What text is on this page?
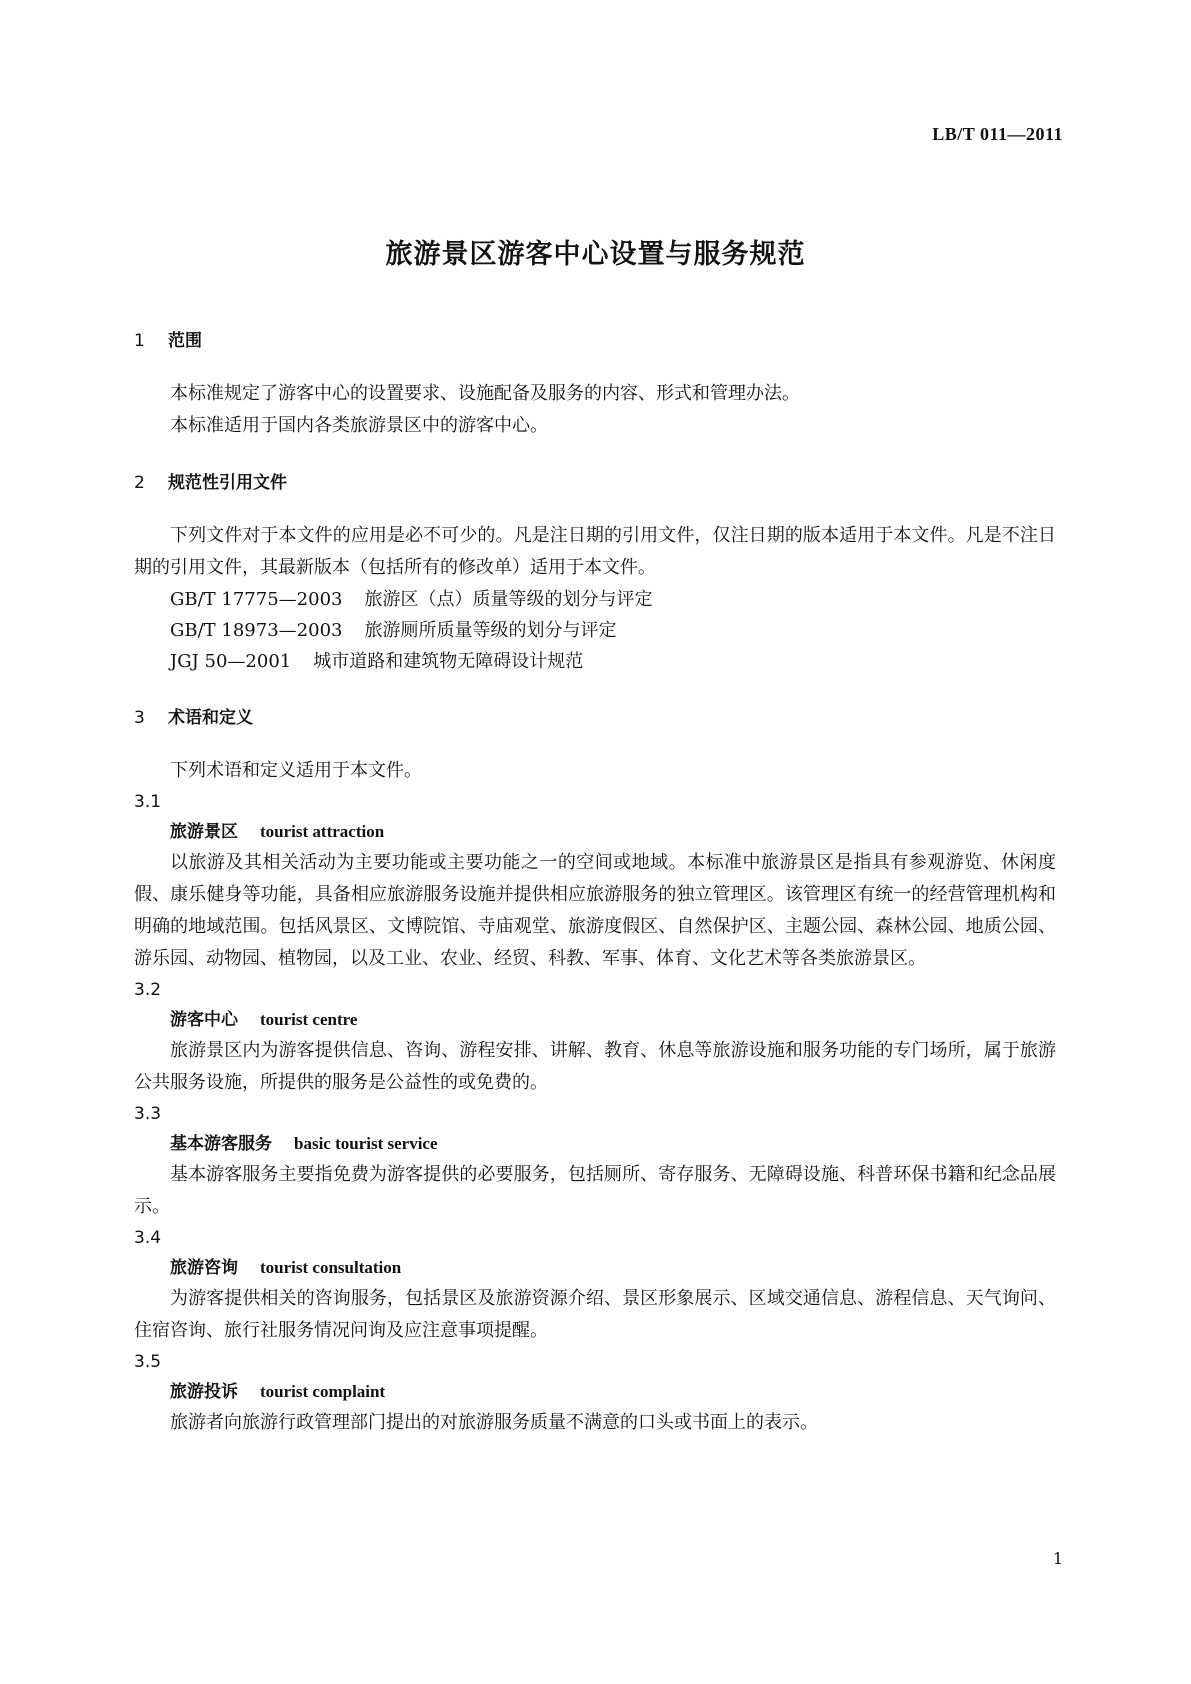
LB/T 011—2011
旅游景区游客中心设置与服务规范
1 范围
本标准规定了游客中心的设置要求、设施配备及服务的内容、形式和管理办法。
本标准适用于国内各类旅游景区中的游客中心。
2 规范性引用文件
下列文件对于本文件的应用是必不可少的。凡是注日期的引用文件，仅注日期的版本适用于本文件。凡是不注日期的引用文件，其最新版本（包括所有的修改单）适用于本文件。
GB/T 17775—2003 旅游区（点）质量等级的划分与评定
GB/T 18973—2003 旅游厕所质量等级的划分与评定
JGJ 50—2001 城市道路和建筑物无障碍设计规范
3 术语和定义
下列术语和定义适用于本文件。
3.1
旅游景区 tourist attraction
以旅游及其相关活动为主要功能或主要功能之一的空间或地域。本标准中旅游景区是指具有参观游览、休闲度假、康乐健身等功能，具备相应旅游服务设施并提供相应旅游服务的独立管理区。该管理区有统一的经营管理机构和明确的地域范围。包括风景区、文博院馆、寺庙观堂、旅游度假区、自然保护区、主题公园、森林公园、地质公园、游乐园、动物园、植物园，以及工业、农业、经贸、科教、军事、体育、文化艺术等各类旅游景区。
3.2
游客中心 tourist centre
旅游景区内为游客提供信息、咨询、游程安排、讲解、教育、休息等旅游设施和服务功能的专门场所，属于旅游公共服务设施，所提供的服务是公益性的或免费的。
3.3
基本游客服务 basic tourist service
基本游客服务主要指免费为游客提供的必要服务，包括厕所、寄存服务、无障碍设施、科普环保书籍和纪念品展示。
3.4
旅游咨询 tourist consultation
为游客提供相关的咨询服务，包括景区及旅游资源介绍、景区形象展示、区域交通信息、游程信息、天气询问、住宿咨询、旅行社服务情况问询及应注意事项提醒。
3.5
旅游投诉 tourist complaint
旅游者向旅游行政管理部门提出的对旅游服务质量不满意的口头或书面上的表示。
1
